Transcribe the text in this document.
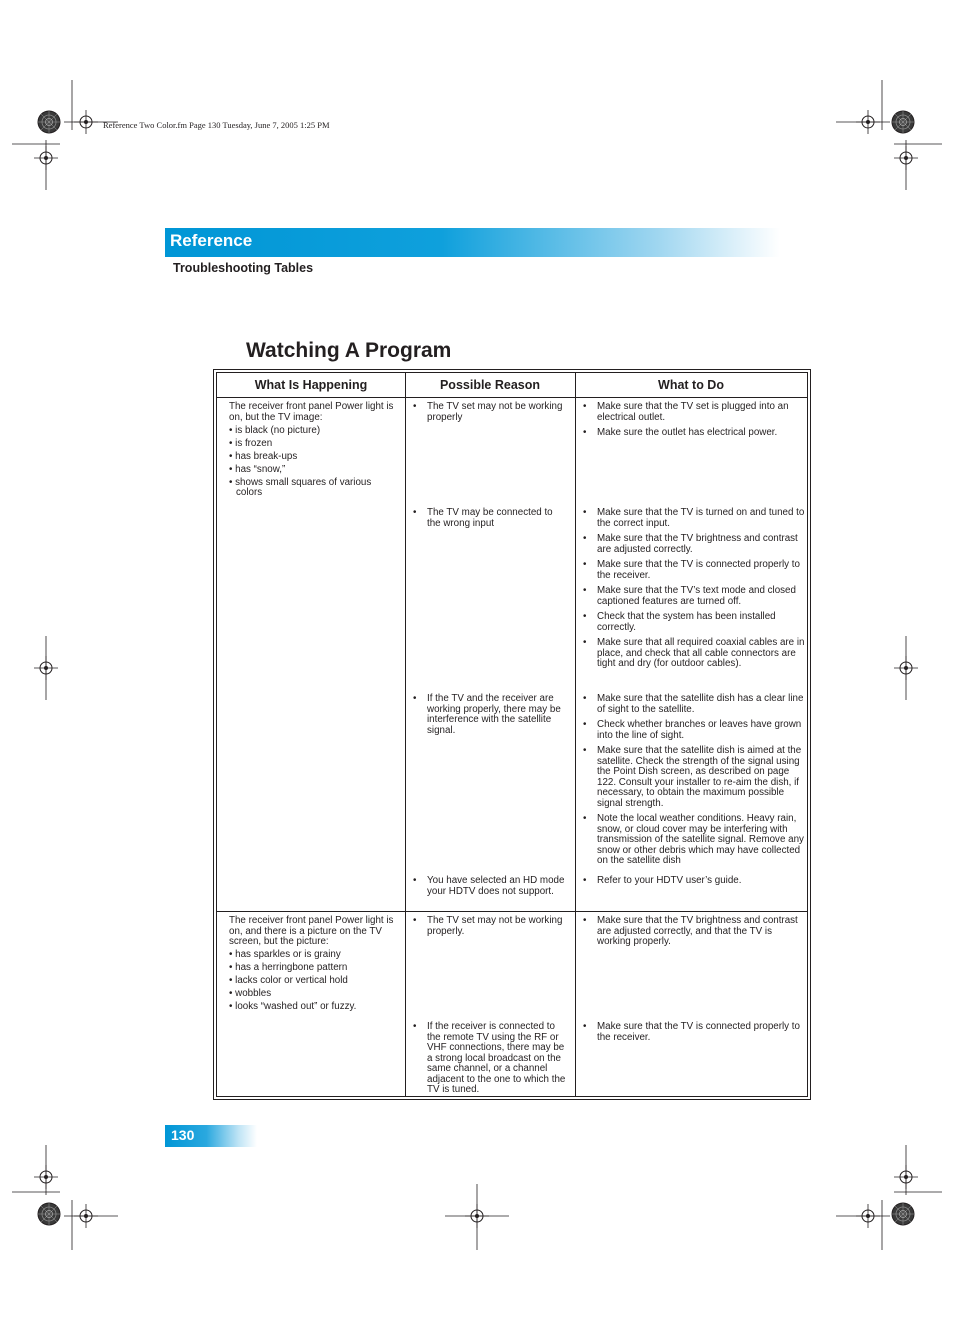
Reference Two Color.fm Page 130 Tuesday, June 7, 2005 1:25 PM
Reference
Troubleshooting Tables
Watching A Program
What Is Happening	Possible Reason	What to Do

The receiver front panel Power light is on, but the TV image:

• is black (no picture)
• is frozen
• has break-ups
• has “snow,”
• shows small squares of various colors
• The TV set may not be working properly
• The TV may be connected to the wrong input
• If the TV and the receiver are working properly, there may be interference with the satellite signal.
• You have selected an HD mode your HDTV does not support.
• Make sure that the TV set is plugged into an electrical outlet.
• Make sure the outlet has electrical power.
• Make sure that the TV is turned on and tuned to the correct input.
• Make sure that the TV brightness and contrast are adjusted correctly.
• Make sure that the TV is connected properly to the receiver.
• Make sure that the TV’s text mode and closed captioned features are turned off.
• Check that the system has been installed correctly.
• Make sure that all required coaxial cables are in place, and check that all cable connectors are tight and dry (for outdoor cables).
• Make sure that the satellite dish has a clear line of sight to the satellite.
• Check whether branches or leaves have grown into the line of sight.
• Make sure that the satellite dish is aimed at the satellite. Check the strength of the signal using the Point Dish screen, as described on page 122. Consult your installer to re-aim the dish, if necessary, to obtain the maximum possible signal strength.
• Note the local weather conditions. Heavy rain, snow, or cloud cover may be interfering with transmission of the satellite signal. Remove any snow or other debris which may have collected on the satellite dish
• Refer to your HDTV user’s guide.

The receiver front panel Power light is on, and there is a picture on the TV screen, but the picture:

• has sparkles or is grainy
• has a herringbone pattern
• lacks color or vertical hold
• wobbles
• looks “washed out” or fuzzy.
• The TV set may not be working properly.
• If the receiver is connected to the remote TV using the RF or VHF connections, there may be a strong local broadcast on the same channel, or a channel adjacent to the one to which the TV is tuned.
• Make sure that the TV brightness and contrast are adjusted correctly, and that the TV is working properly.
• Make sure that the TV is connected properly to the receiver.
130
